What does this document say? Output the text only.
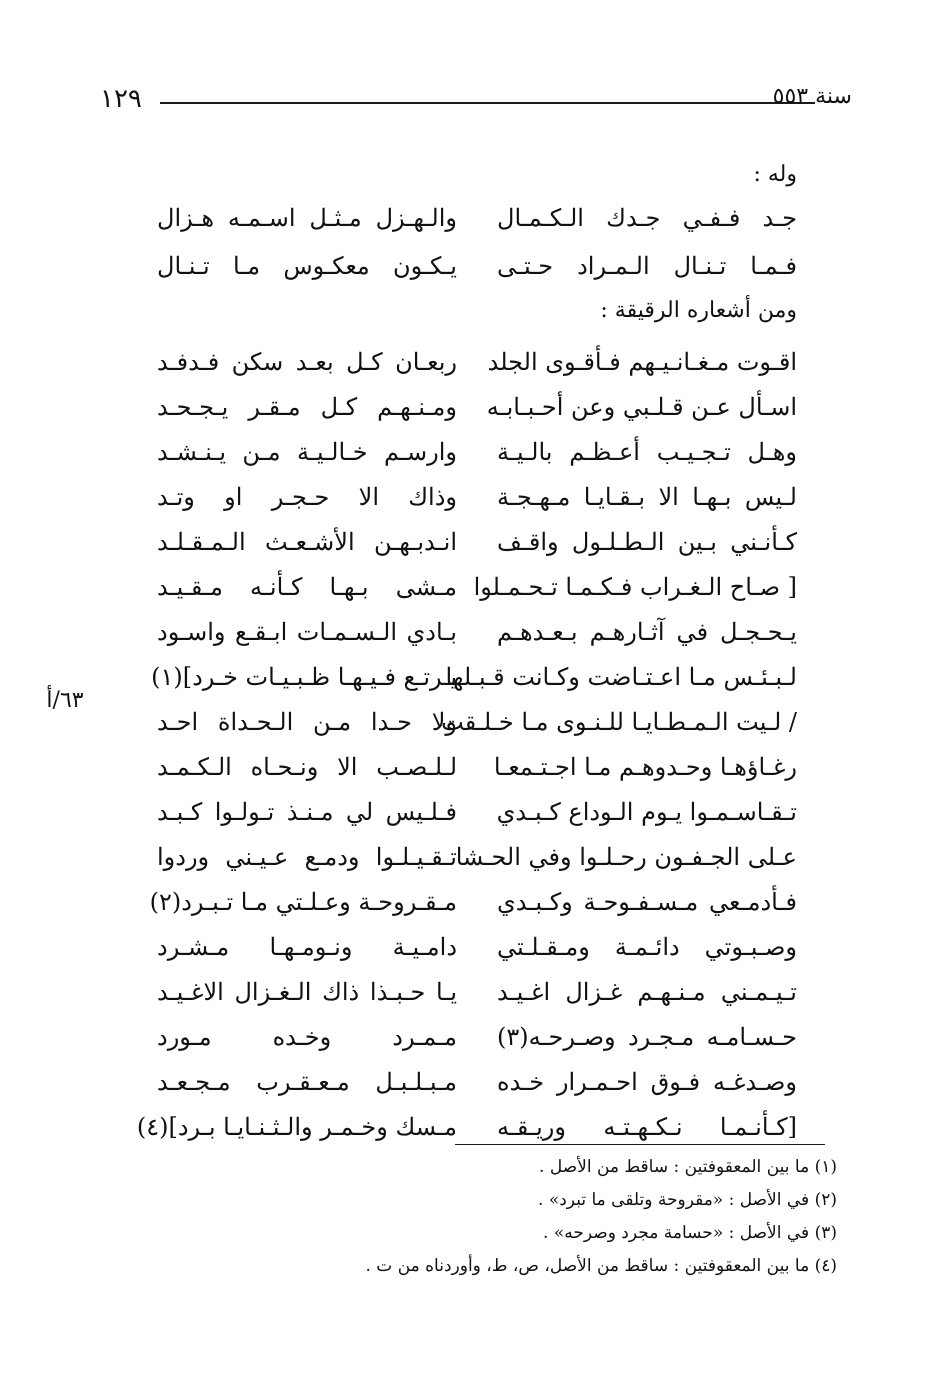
١٢٩	سنة ٥٥٣
وله :
جـد فـفـي جـدك الـكـمـال
والـهـزل مـثـل اسـمـه هـزال
فـمـا تـنـال الـمـراد حـتـى
يـكـون معكـوس مـا تـنـال
ومن أشعاره الرقيقة :
اقـوت مـغـانـيـهم فـأقـوى الجلد
ربعـان كـل بعـد سكن فـدفـد
اسـأل عـن قـلـبي وعن أحـبـابـه
ومـنـهـم كـل مـقـر يـجـحـد
وهـل تـجـيـب أعـظـم بالـيـة
وارسـم خـالـيـة مـن يـنـشـد
لـيس بـهـا الا بـقـايـا مـهـجـة
وذاك الا حـجـر او وتـد
كـأنـني بـين الـطـلـول واقـف
انـدبـهـن الأشـعـث الـمـقـلـد
[ صـاح الـغـراب فـكـمـا تـحـمـلوا
مـشى بـهـا كـأنـه مـقـيـد
يـحـجـل في آثـارهـم بـعـدهـم
بـادي الـسـمـات ابـقـع واسـود
لـبـئـس مـا اعـتـاضت وكـانت قـبـلها
يـرتـع فـيـهـا ظـبـيـات خـرد](١)
/ لـيت الـمـطـايـا للـنـوى مـا خـلـقت
ولا حـدا مـن الـحـداة احـد
رغـاؤهـا وحـدوهـم مـا اجـتـمعـا
لـلـصـب الا ونـحـاه الـكـمـد
تـقـاسـمـوا يـوم الـوداع كـبـدي
فـلـيس لي مـنـذ تـولـوا كـبـد
عـلى الجـفـون رحـلـوا وفي الحـشا
تـقـيـلـوا ودمـع عـيـني وردوا
فـأدمـعي مـسـفـوحـة وكـبـدي
مـقـروحـة وعـلـتي مـا تـبـرد(٢)
وصـبـوتي دائـمـة ومـقـلـتي
دامـيـة ونـومـهـا مـشـرد
تـيـمـني مـنـهـم غـزال اغـيـد
يـا حـبـذا ذاك الـغـزال الاغـيـد
حـسـامـه مـجـرد وصـرحـه(٣)
مـمـرد وخـده مـورد
وصـدغـه فـوق احـمـرار خـده
مـبـلـبـل مـعـقـرب مـجـعـد
[كـأنـمـا نـكـهـتـه وريـقـه
مـسك وخـمـر والـثـنـايـا بـرد](٤)
٦٣/أ
(١) ما بين المعقوفتين : ساقط من الأصل .
(٢) في الأصل : «مقروحة وتلقى ما تبرد» .
(٣) في الأصل : «حسامة مجرد وصرحه» .
(٤) ما بين المعقوفتين : ساقط من الأصل، ص، ط، وأوردناه من ت .
